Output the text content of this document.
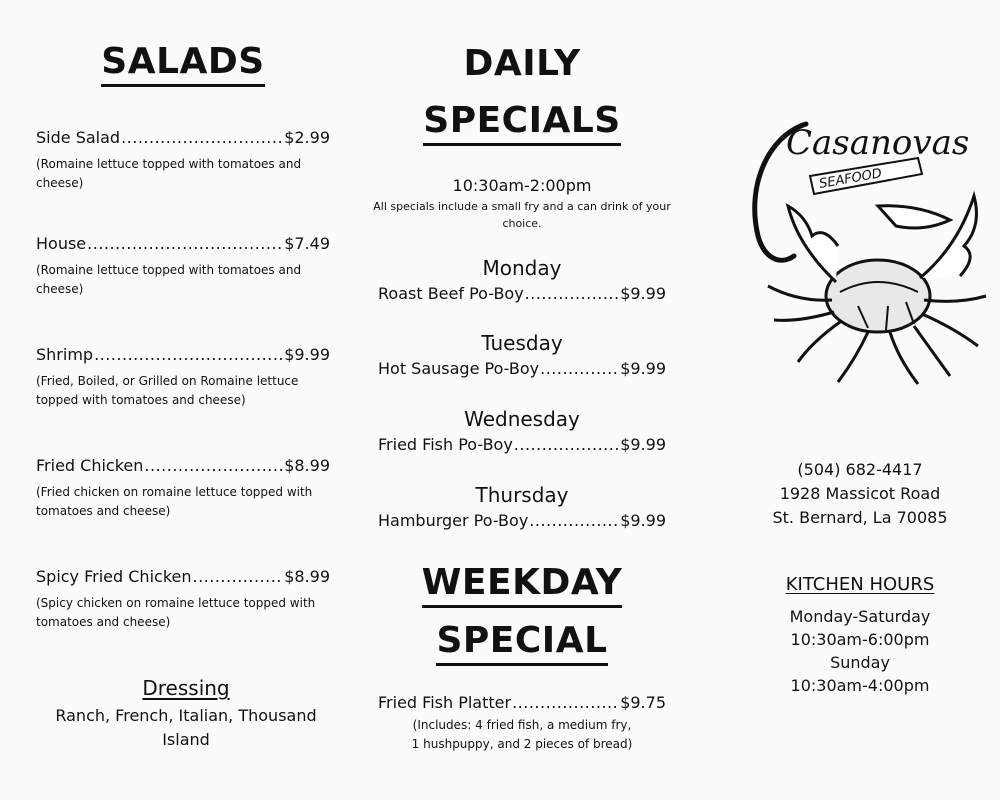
SALADS
Side Salad .....	$2.99
(Romaine lettuce topped with tomatoes and cheese)
House .....	$7.49
(Romaine lettuce topped with tomatoes and cheese)
Shrimp .....	$9.99
(Fried, Boiled, or Grilled on Romaine lettuce topped with tomatoes and cheese)
Fried Chicken .....	$8.99
(Fried chicken on romaine lettuce topped with tomatoes and cheese)
Spicy Fried Chicken .....	$8.99
(Spicy chicken on romaine lettuce topped with tomatoes and cheese)
Dressing
Ranch, French, Italian, Thousand Island
DAILY
SPECIALS
10:30am-2:00pm
All specials include a small fry and a can drink of your choice.
Monday
Roast Beef Po-Boy .....	$9.99
Tuesday
Hot Sausage Po-Boy .....	$9.99
Wednesday
Fried Fish Po-Boy .....	$9.99
Thursday
Hamburger Po-Boy .....	$9.99
WEEKDAY
SPECIAL
Fried Fish Platter .....	$9.75
(Includes: 4 fried fish, a medium fry,
1 hushpuppy, and 2 pieces of bread)
Casanovas
SEAFOOD
(504) 682-4417
1928 Massicot Road
St. Bernard, La 70085
KITCHEN HOURS
Monday-Saturday
10:30am-6:00pm
Sunday
10:30am-4:00pm
